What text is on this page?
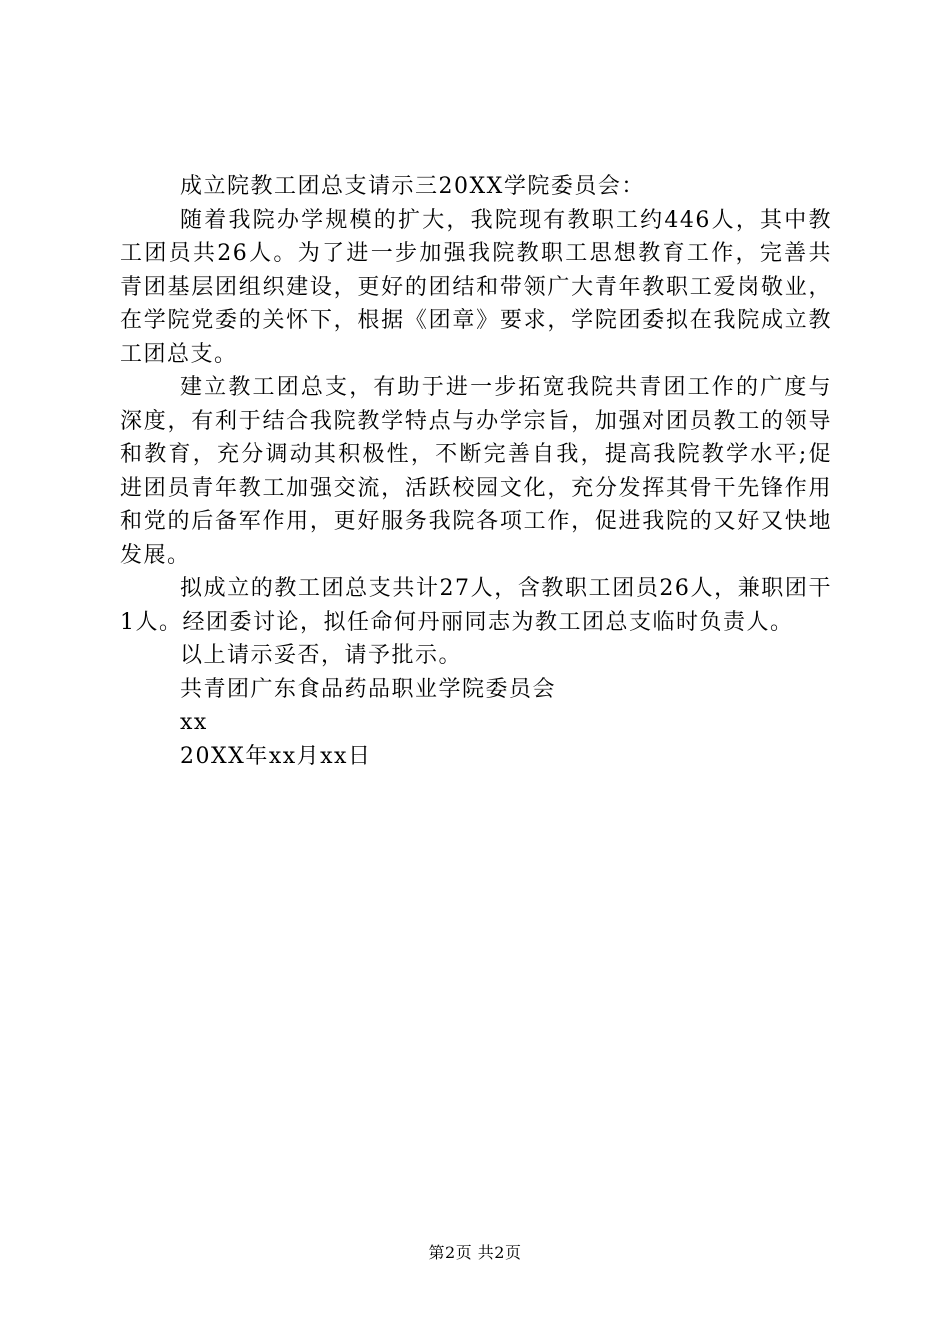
成立院教工团总支请示三20XX学院委员会：

随着我院办学规模的扩大，我院现有教职工约446人，其中教工团员共26人。为了进一步加强我院教职工思想教育工作，完善共青团基层团组织建设，更好的团结和带领广大青年教职工爱岗敬业，在学院党委的关怀下，根据《团章》要求，学院团委拟在我院成立教工团总支。

建立教工团总支，有助于进一步拓宽我院共青团工作的广度与深度，有利于结合我院教学特点与办学宗旨，加强对团员教工的领导和教育，充分调动其积极性，不断完善自我，提高我院教学水平;促进团员青年教工加强交流，活跃校园文化，充分发挥其骨干先锋作用和党的后备军作用，更好服务我院各项工作，促进我院的又好又快地发展。

拟成立的教工团总支共计27人，含教职工团员26人，兼职团干1人。经团委讨论，拟任命何丹丽同志为教工团总支临时负责人。

以上请示妥否，请予批示。

共青团广东食品药品职业学院委员会

xx

20XX年xx月xx日

第2页 共2页
